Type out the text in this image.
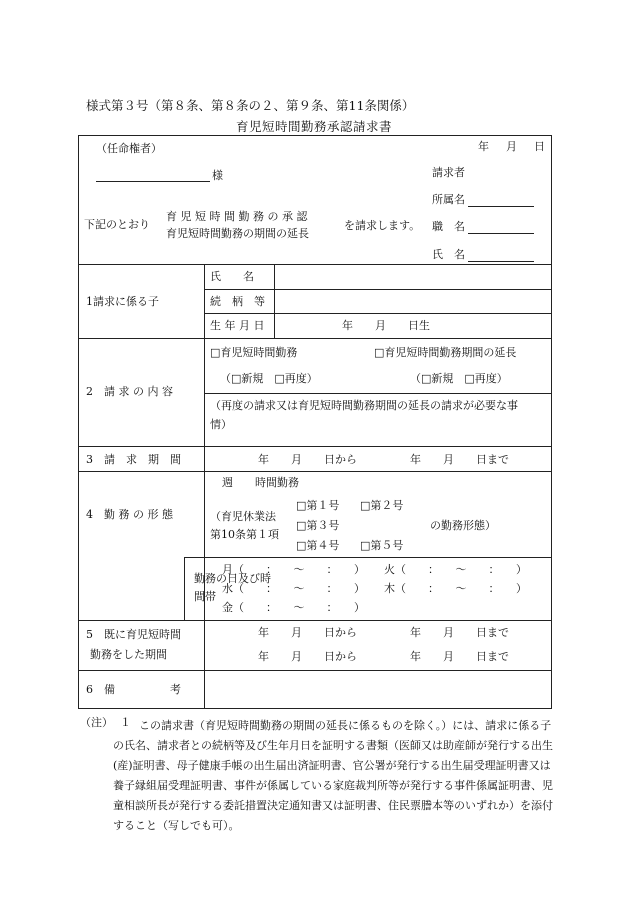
様式第３号（第８条、第８条の２、第９条、第11条関係）
育児短時間勤務承認請求書
（任命権者）	年　月　日
様	請求者
所属名
職　名
氏　名
下記のとおり
育 児 短 時 間 勤 務 の 承 認
育児短時間勤務の期間の延長
を請求します。
1請求に係る子
氏　　名
続　柄　等
生 年 月 日	年　　月　　日生
2　請 求 の 内 容
□育児短時間勤務	□育児短時間勤務期間の延長
（□新規　□再度）	（□新規　□再度）
（再度の請求又は育児短時間勤務期間の延長の請求が必要な事
情）
3　請　求　期　間	年　　月　　日から	年　　月　　日まで
4　勤 務 の 形 態
週　　時間勤務
（育児休業法
第10条第１項
□第１号 □第２号
□第３号
□第４号 □第５号
の勤務形態）
勤務の日及び時
間帯
月（　　：　　～　　：　　） 火（　　：　　～　　：　　）
水（　　：　　～　　：　　） 木（　　：　　～　　：　　）
金（　　：　　～　　：　　）
5　既に育児短時間
勤務をした期間
年　　月　　日から	年　　月　　日まで
年　　月　　日から	年　　月　　日まで
6　備　　　　　考
（注） １ この請求書（育児短時間勤務の期間の延長に係るものを除く。）には、請求に係る子の氏名、請求者との続柄等及び生年月日を証明する書類（医師又は助産師が発行する出生(産)証明書、母子健康手帳の出生届出済証明書、官公署が発行する出生届受理証明書又は養子縁組届受理証明書、事件が係属している家庭裁判所等が発行する事件係属証明書、児童相談所長が発行する委託措置決定通知書又は証明書、住民票謄本等のいずれか）を添付すること（写しでも可）。
